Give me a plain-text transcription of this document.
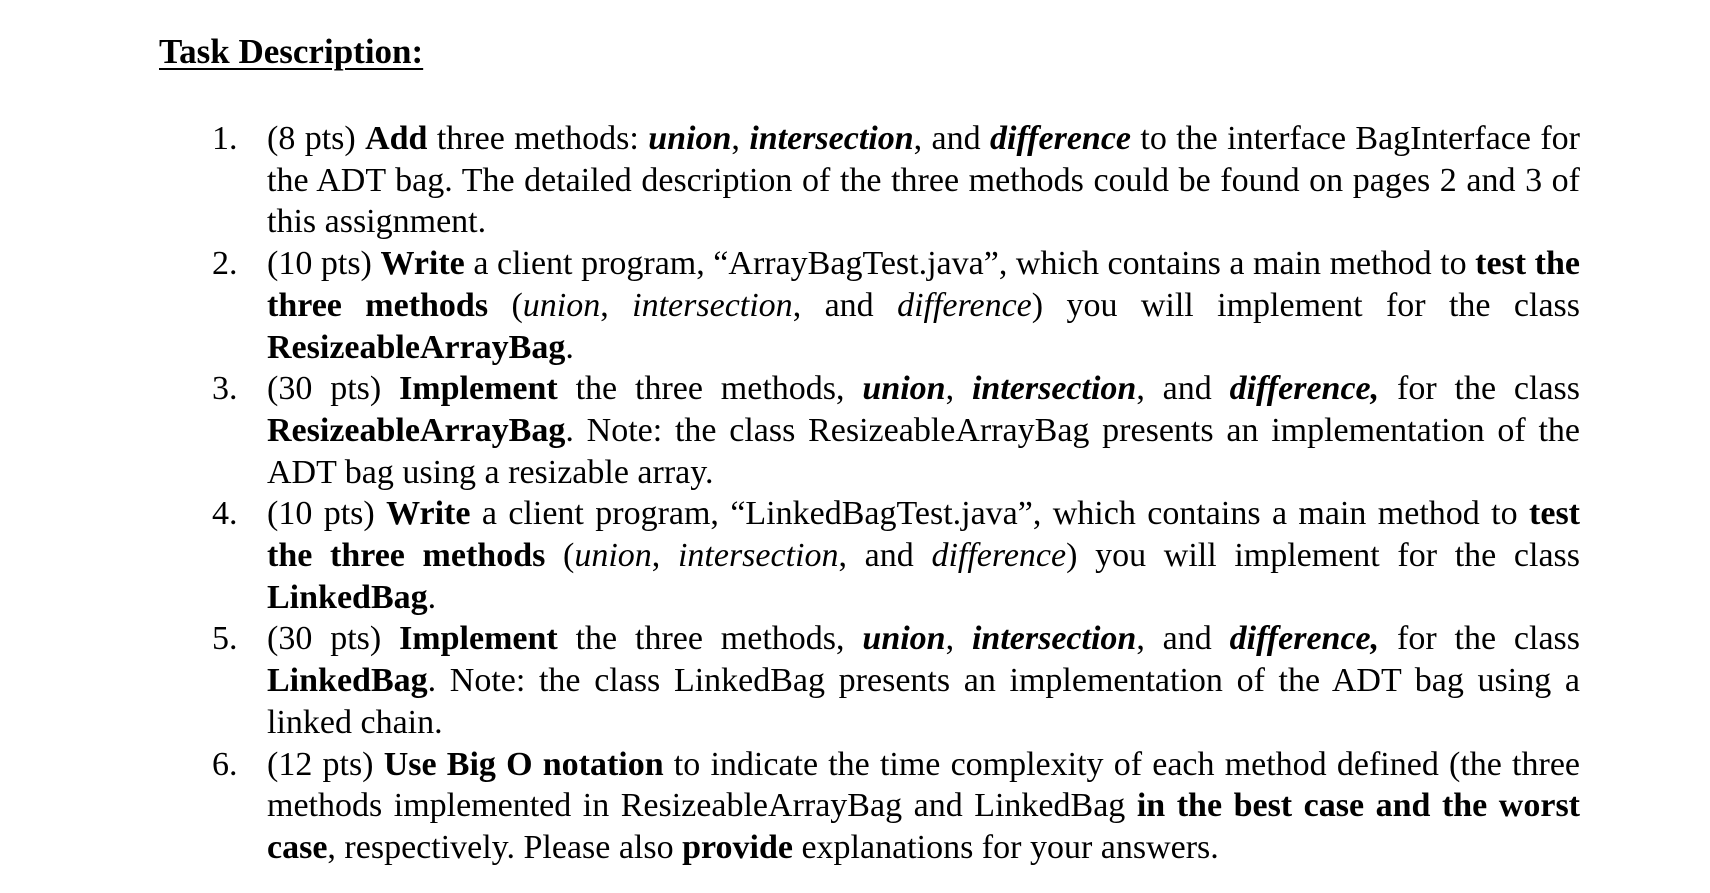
Task Description:
1. (8 pts) Add three methods: union, intersection, and difference to the interface BagInterface for the ADT bag. The detailed description of the three methods could be found on pages 2 and 3 of this assignment.
2. (10 pts) Write a client program, “ArrayBagTest.java”, which contains a main method to test the three methods (union, intersection, and difference) you will implement for the class ResizeableArrayBag.
3. (30 pts) Implement the three methods, union, intersection, and difference, for the class ResizeableArrayBag. Note: the class ResizeableArrayBag presents an implementation of the ADT bag using a resizable array.
4. (10 pts) Write a client program, “LinkedBagTest.java”, which contains a main method to test the three methods (union, intersection, and difference) you will implement for the class LinkedBag.
5. (30 pts) Implement the three methods, union, intersection, and difference, for the class LinkedBag. Note: the class LinkedBag presents an implementation of the ADT bag using a linked chain.
6. (12 pts) Use Big O notation to indicate the time complexity of each method defined (the three methods implemented in ResizeableArrayBag and LinkedBag in the best case and the worst case, respectively. Please also provide explanations for your answers.
